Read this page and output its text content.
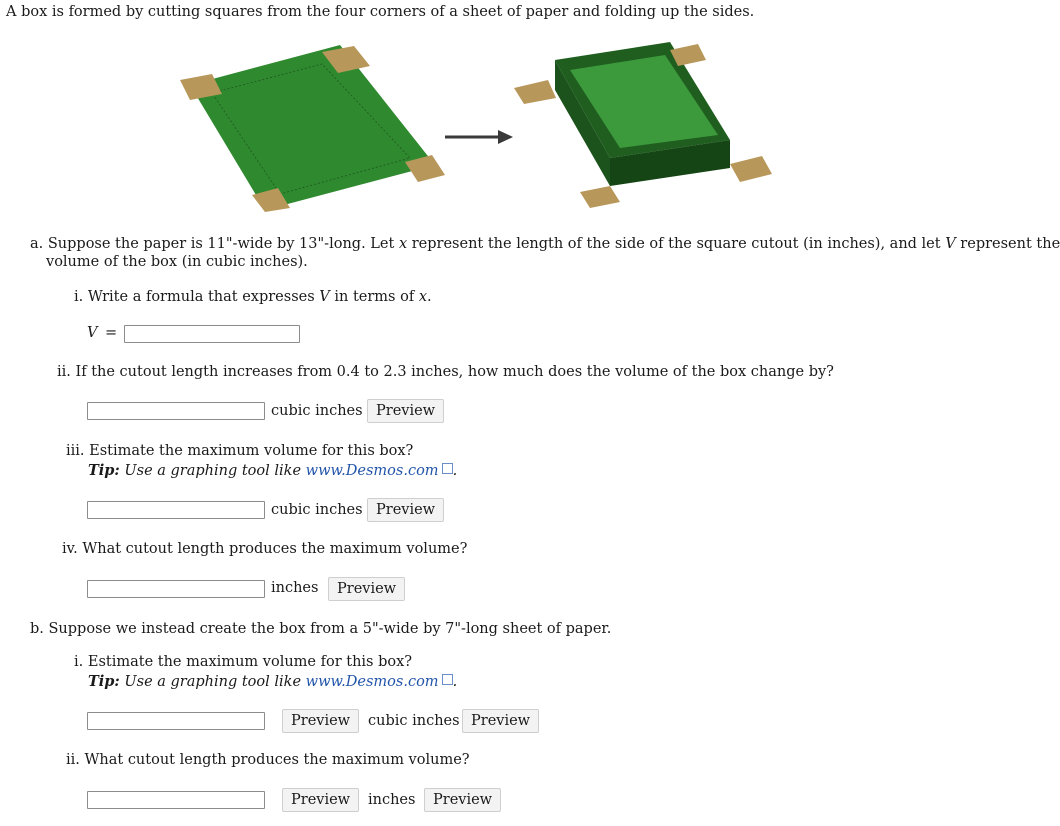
A box is formed by cutting squares from the four corners of a sheet of paper and folding up the sides.
a. Suppose the paper is 11"-wide by 13"-long. Let x represent the length of the side of the square cutout (in inches), and let V represent the
volume of the box (in cubic inches).
i. Write a formula that expresses V in terms of x.
V =
ii. If the cutout length increases from 0.4 to 2.3 inches, how much does the volume of the box change by?
cubic inches Preview
iii. Estimate the maximum volume for this box?
Tip: Use a graphing tool like www.Desmos.com .
cubic inches Preview
iv. What cutout length produces the maximum volume?
inches	Preview
b. Suppose we instead create the box from a 5"-wide by 7"-long sheet of paper.
i. Estimate the maximum volume for this box?
Tip: Use a graphing tool like www.Desmos.com .
Preview	cubic inches Preview
ii. What cutout length produces the maximum volume?
Preview	inches	Preview
